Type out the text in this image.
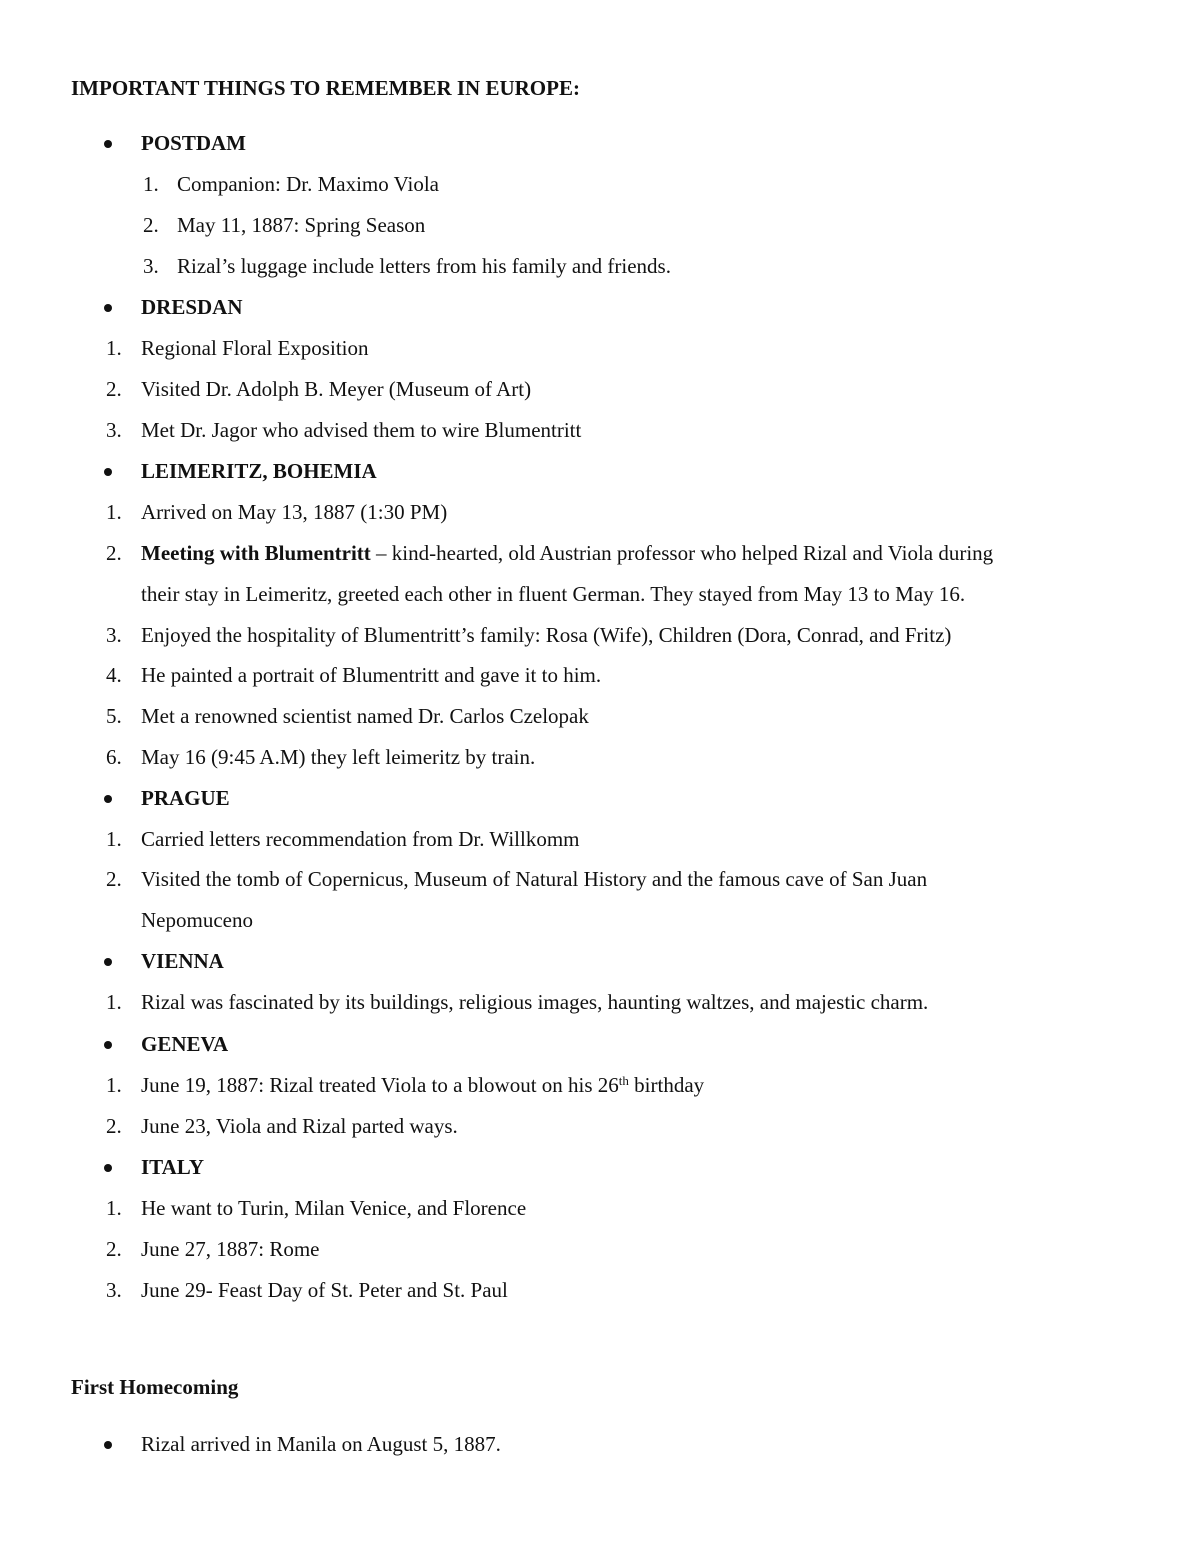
IMPORTANT THINGS TO REMEMBER IN EUROPE:
POSTDAM
1. Companion: Dr. Maximo Viola
2. May 11, 1887: Spring Season
3. Rizal’s luggage include letters from his family and friends.
DRESDAN
1. Regional Floral Exposition
2. Visited Dr. Adolph B. Meyer (Museum of Art)
3. Met Dr. Jagor who advised them to wire Blumentritt
LEIMERITZ, BOHEMIA
1. Arrived on May 13, 1887 (1:30 PM)
2. Meeting with Blumentritt – kind-hearted, old Austrian professor who helped Rizal and Viola during
their stay in Leimeritz, greeted each other in fluent German. They stayed from May 13 to May 16.
3. Enjoyed the hospitality of Blumentritt’s family: Rosa (Wife), Children (Dora, Conrad, and Fritz)
4. He painted a portrait of Blumentritt and gave it to him.
5. Met a renowned scientist named Dr. Carlos Czelopak
6. May 16 (9:45 A.M) they left leimeritz by train.
PRAGUE
1. Carried letters recommendation from Dr. Willkomm
2. Visited the tomb of Copernicus, Museum of Natural History and the famous cave of San Juan
Nepomuceno
VIENNA
1. Rizal was fascinated by its buildings, religious images, haunting waltzes, and majestic charm.
GENEVA
1. June 19, 1887: Rizal treated Viola to a blowout on his 26th birthday
2. June 23, Viola and Rizal parted ways.
ITALY
1. He want to Turin, Milan Venice, and Florence
2. June 27, 1887: Rome
3. June 29- Feast Day of St. Peter and St. Paul
First Homecoming
Rizal arrived in Manila on August 5, 1887.
